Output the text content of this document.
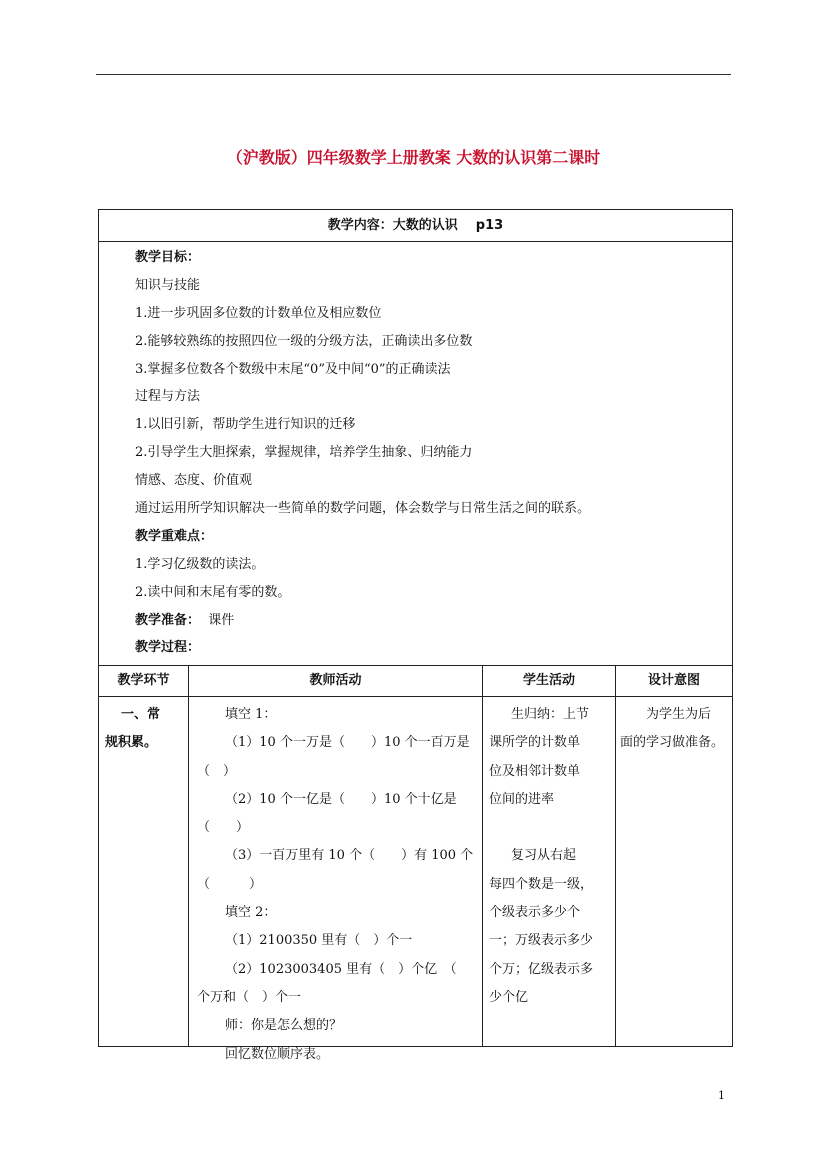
（沪教版）四年级数学上册教案 大数的认识第二课时
教学内容：大数的认识 p13
教学目标：
知识与技能
1.进一步巩固多位数的计数单位及相应数位
2.能够较熟练的按照四位一级的分级方法，正确读出多位数
3.掌握多位数各个数级中末尾“0”及中间“0”的正确读法
过程与方法
1.以旧引新，帮助学生进行知识的迁移
2.引导学生大胆探索，掌握规律，培养学生抽象、归纳能力
情感、态度、价值观
通过运用所学知识解决一些简单的数学问题，体会数学与日常生活之间的联系。
教学重难点：
1.学习亿级数的读法。
2.读中间和末尾有零的数。
教学准备： 课件
教学过程：
教学环节
一、常
规积累。
教师活动
填空 1：
（1）10 个一万是（　　）10 个一百万是
（　）
（2）10 个一亿是（　　）10 个十亿是
（　　）
（3）一百万里有 10 个（　　）有 100 个
（　　　）
填空 2：
（1）2100350 里有（　）个一
（2）1023003405 里有（　）个亿　（
个万和（　）个一
师：你是怎么想的？
回忆数位顺序表。
学生活动
生归纳：上节
课所学的计数单
位及相邻计数单
位间的进率
复习从右起
每四个数是一级，
个级表示多少个
一；万级表示多少
个万；亿级表示多
少个亿
设计意图
为学生为后
面的学习做准备。
1
